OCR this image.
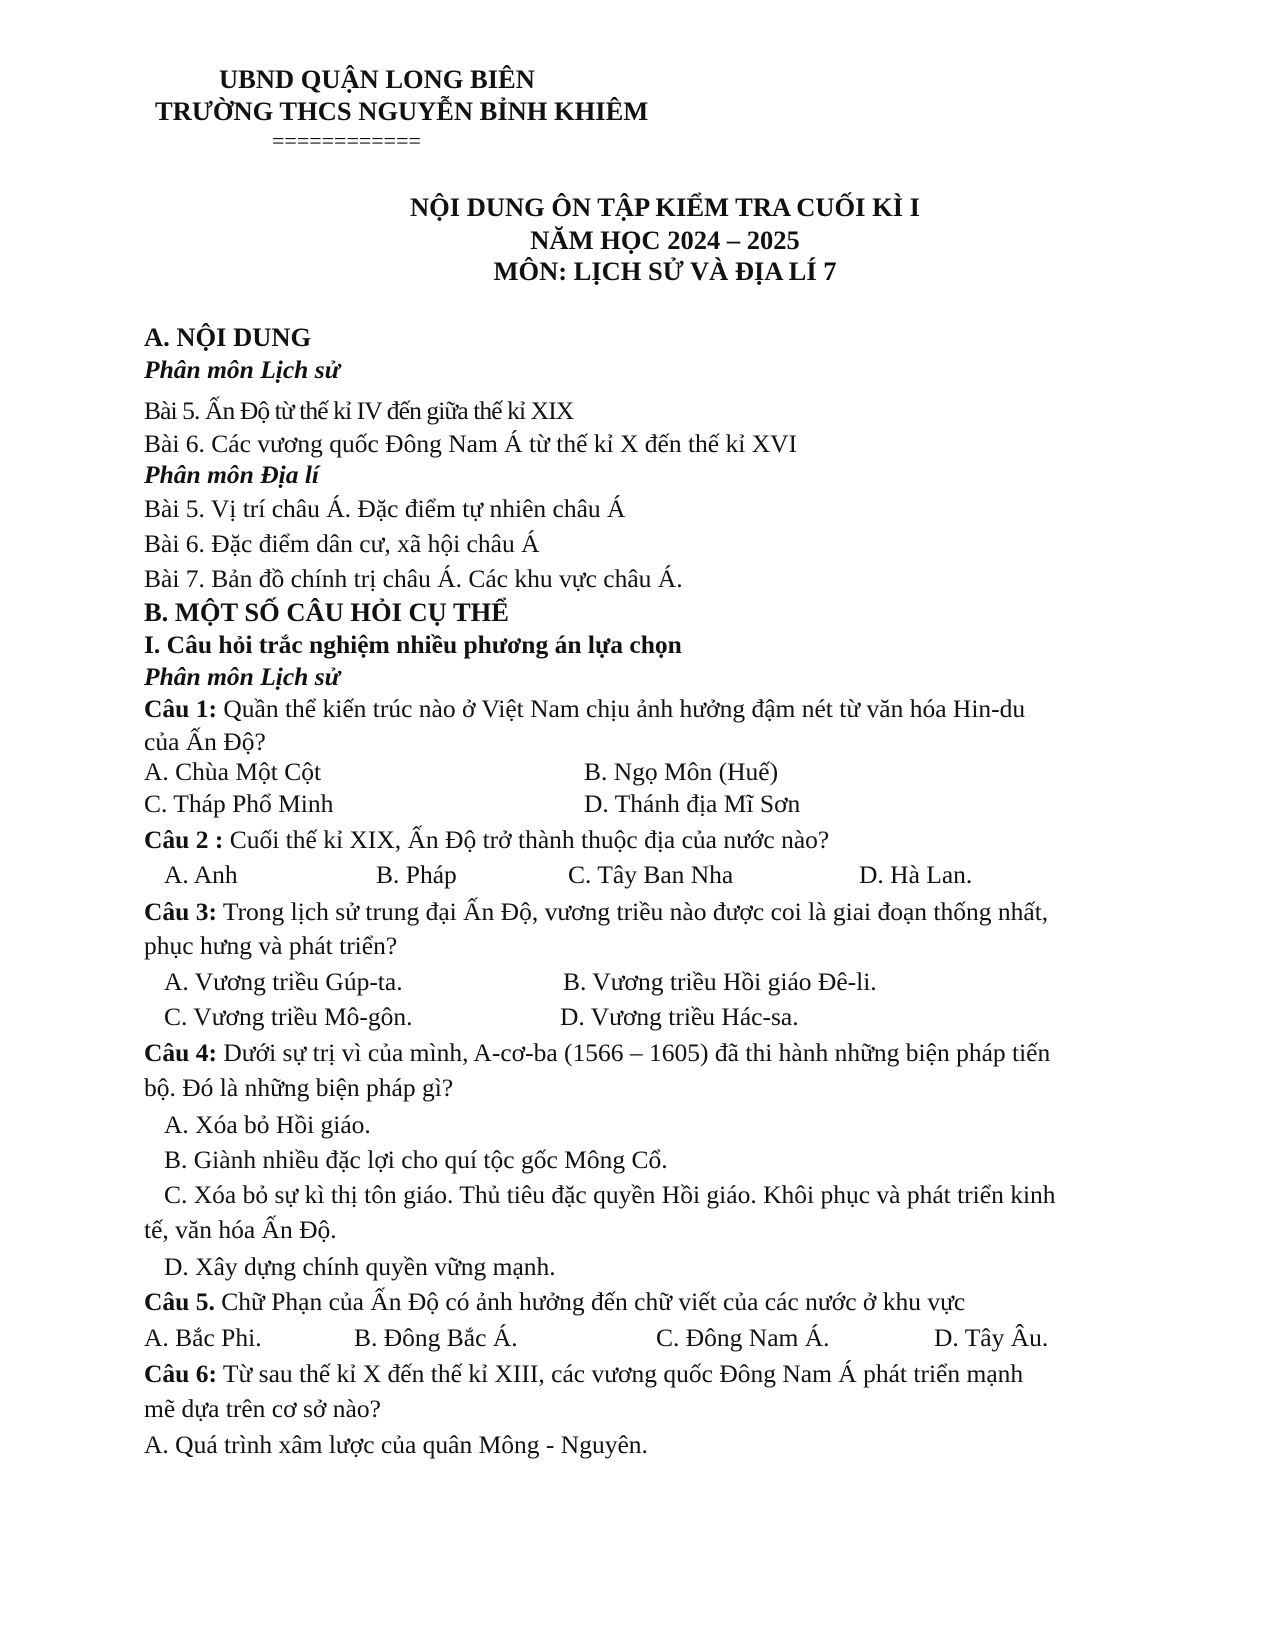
UBND QUẬN LONG BIÊN
TRƯỜNG THCS NGUYỄN BỈNH KHIÊM
============
NỘI DUNG ÔN TẬP KIỂM TRA CUỐI KÌ I
NĂM HỌC 2024 – 2025
MÔN: LỊCH SỬ VÀ ĐỊA LÍ 7
A. NỘI DUNG
Phân môn Lịch sử
Bài 5. Ấn Độ từ thế kỉ IV đến giữa thế kỉ XIX
Bài 6. Các vương quốc Đông Nam Á từ thế kỉ X đến thế kỉ XVI
Phân môn Địa lí
Bài 5. Vị trí châu Á. Đặc điểm tự nhiên châu Á
Bài 6. Đặc điểm dân cư, xã hội châu Á
Bài 7. Bản đồ chính trị châu Á. Các khu vực châu Á.
B. MỘT SỐ CÂU HỎI CỤ THỂ
I. Câu hỏi trắc nghiệm nhiều phương án lựa chọn
Phân môn Lịch sử
Câu 1: Quần thể kiến trúc nào ở Việt Nam chịu ảnh hưởng đậm nét từ văn hóa Hin-du
của Ấn Độ?
A. Chùa Một Cột	B. Ngọ Môn (Huế)
C. Tháp Phổ Minh	D. Thánh địa Mĩ Sơn
Câu 2 : Cuối thế kỉ XIX, Ấn Độ trở thành thuộc địa của nước nào?
A. Anh	B. Pháp	C. Tây Ban Nha	D. Hà Lan.
Câu 3: Trong lịch sử trung đại Ấn Độ, vương triều nào được coi là giai đoạn thống nhất,
phục hưng và phát triển?
A. Vương triều Gúp-ta.	B. Vương triều Hồi giáo Đê-li.
C. Vương triều Mô-gôn.	D. Vương triều Hác-sa.
Câu 4: Dưới sự trị vì của mình, A-cơ-ba (1566 – 1605) đã thi hành những biện pháp tiến
bộ. Đó là những biện pháp gì?
A. Xóa bỏ Hồi giáo.
B. Giành nhiều đặc lợi cho quí tộc gốc Mông Cổ.
C. Xóa bỏ sự kì thị tôn giáo. Thủ tiêu đặc quyền Hồi giáo. Khôi phục và phát triển kinh
tế, văn hóa Ấn Độ.
D. Xây dựng chính quyền vững mạnh.
Câu 5. Chữ Phạn của Ấn Độ có ảnh hưởng đến chữ viết của các nước ở khu vực
A. Bắc Phi.	B. Đông Bắc Á.	C. Đông Nam Á.	D. Tây Âu.
Câu 6: Từ sau thế kỉ X đến thế kỉ XIII, các vương quốc Đông Nam Á phát triển mạnh
mẽ dựa trên cơ sở nào?
A. Quá trình xâm lược của quân Mông - Nguyên.
